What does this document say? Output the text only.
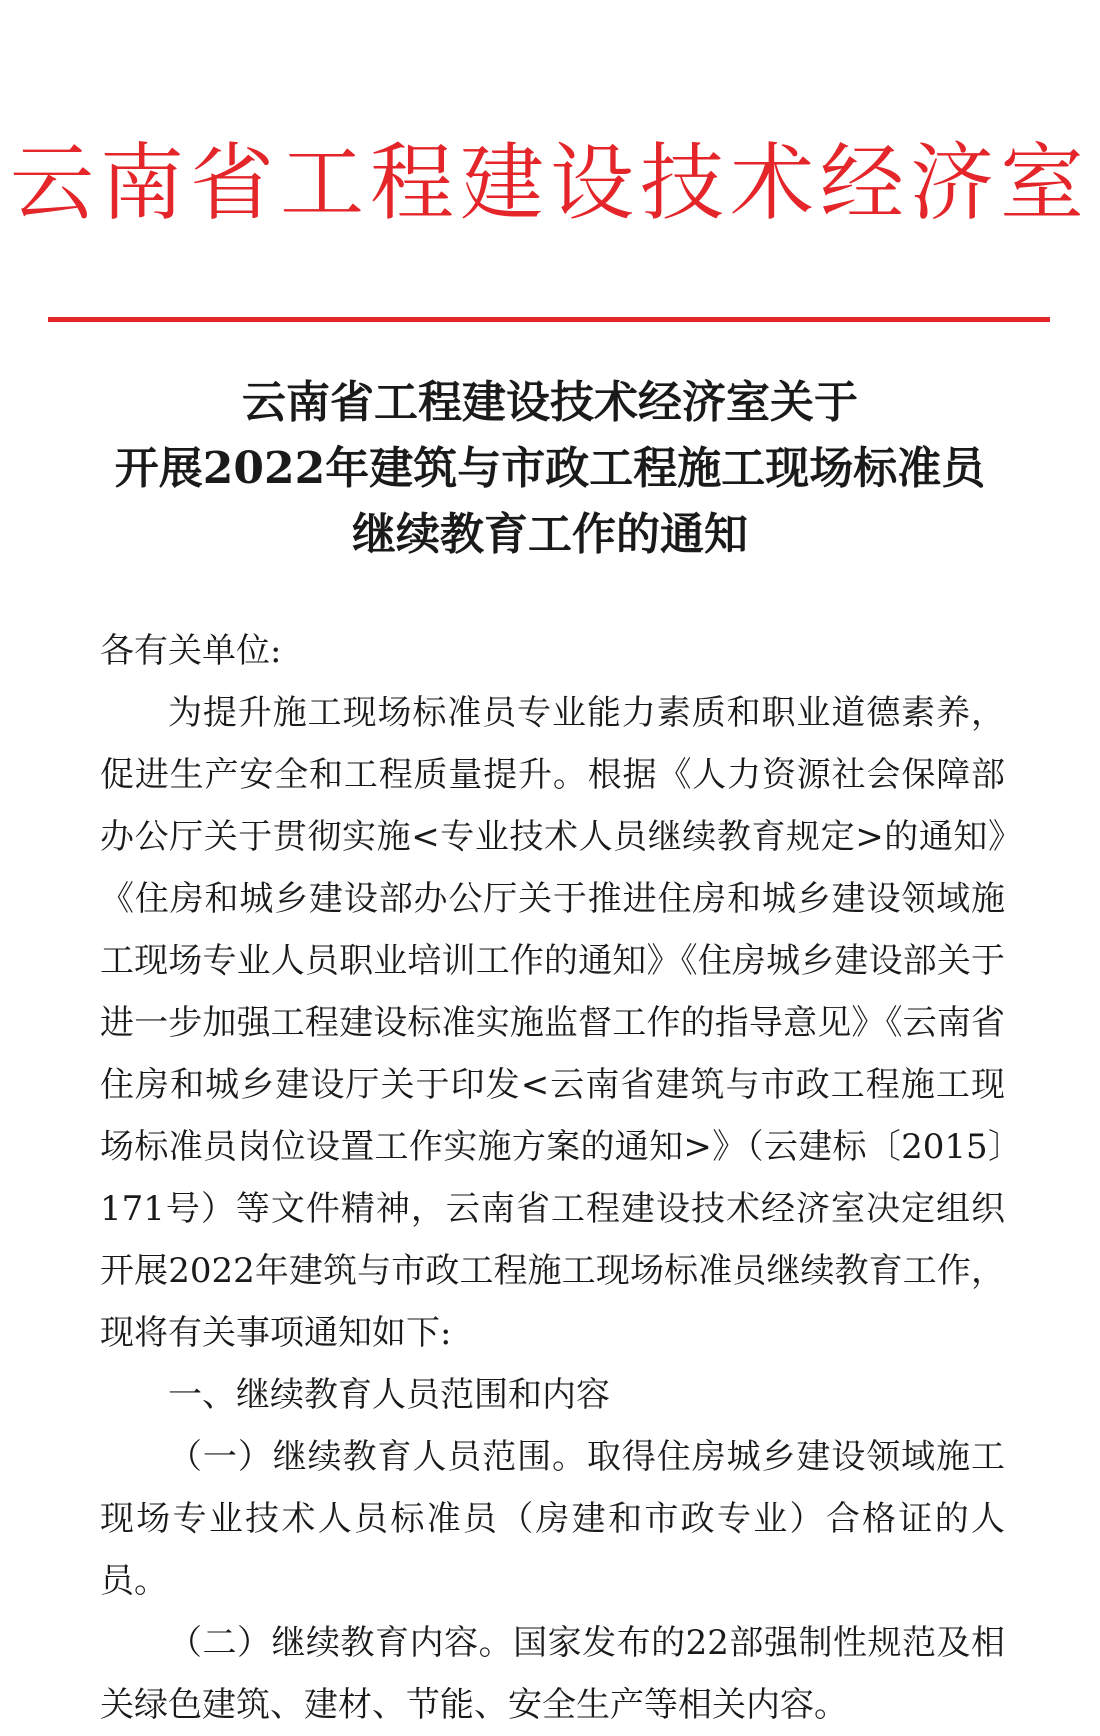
云南省工程建设技术经济室
云南省工程建设技术经济室关于
开展2022年建筑与市政工程施工现场标准员
继续教育工作的通知

各有关单位:

为提升施工现场标准员专业能力素质和职业道德素养，促进生产安全和工程质量提升。根据《人力资源社会保障部办公厅关于贯彻实施<专业技术人员继续教育规定>的通知》《住房和城乡建设部办公厅关于推进住房和城乡建设领域施工现场专业人员职业培训工作的通知》《住房城乡建设部关于进一步加强工程建设标准实施监督工作的指导意见》《云南省住房和城乡建设厅关于印发<云南省建筑与市政工程施工现场标准员岗位设置工作实施方案的通知>》（云建标〔2015〕171号）等文件精神，云南省工程建设技术经济室决定组织开展2022年建筑与市政工程施工现场标准员继续教育工作，现将有关事项通知如下:

一、继续教育人员范围和内容

（一）继续教育人员范围。取得住房城乡建设领域施工现场专业技术人员标准员（房建和市政专业）合格证的人员。

（二）继续教育内容。国家发布的22部强制性规范及相关绿色建筑、建材、节能、安全生产等相关内容。
